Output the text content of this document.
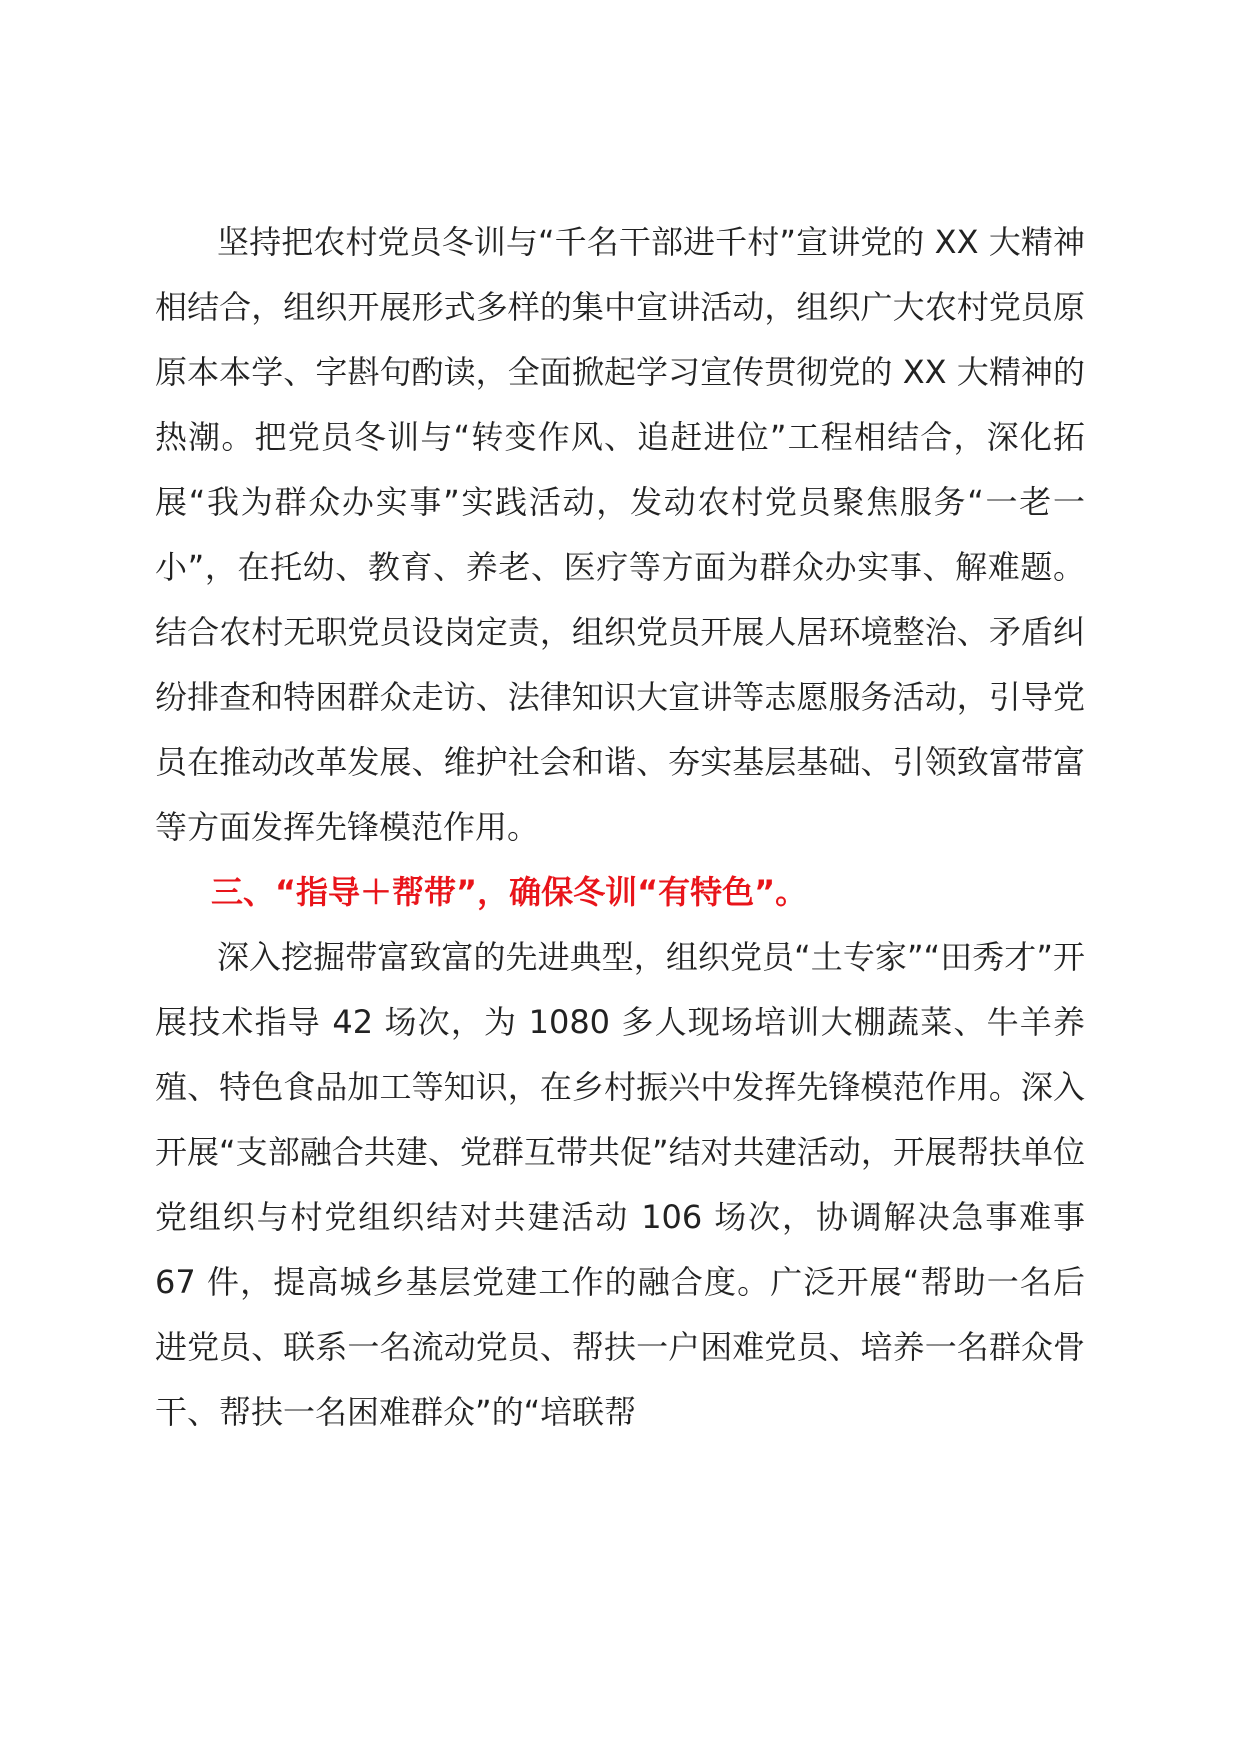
坚持把农村党员冬训与“千名干部进千村”宣讲党的 XX 大精神相结合，组织开展形式多样的集中宣讲活动，组织广大农村党员原原本本学、字斟句酌读，全面掀起学习宣传贯彻党的 XX 大精神的热潮。把党员冬训与“转变作风、追赶进位”工程相结合，深化拓展“我为群众办实事”实践活动，发动农村党员聚焦服务“一老一小”，在托幼、教育、养老、医疗等方面为群众办实事、解难题。结合农村无职党员设岗定责，组织党员开展人居环境整治、矛盾纠纷排查和特困群众走访、法律知识大宣讲等志愿服务活动，引导党员在推动改革发展、维护社会和谐、夯实基层基础、引领致富带富等方面发挥先锋模范作用。

三、“指导＋帮带”，确保冬训“有特色”。

深入挖掘带富致富的先进典型，组织党员“土专家”“田秀才”开展技术指导 42 场次，为 1080 多人现场培训大棚蔬菜、牛羊养殖、特色食品加工等知识，在乡村振兴中发挥先锋模范作用。深入开展“支部融合共建、党群互带共促”结对共建活动，开展帮扶单位党组织与村党组织结对共建活动 106 场次，协调解决急事难事 67 件，提高城乡基层党建工作的融合度。广泛开展“帮助一名后进党员、联系一名流动党员、帮扶一户困难党员、培养一名群众骨干、帮扶一名困难群众”的“培联帮
